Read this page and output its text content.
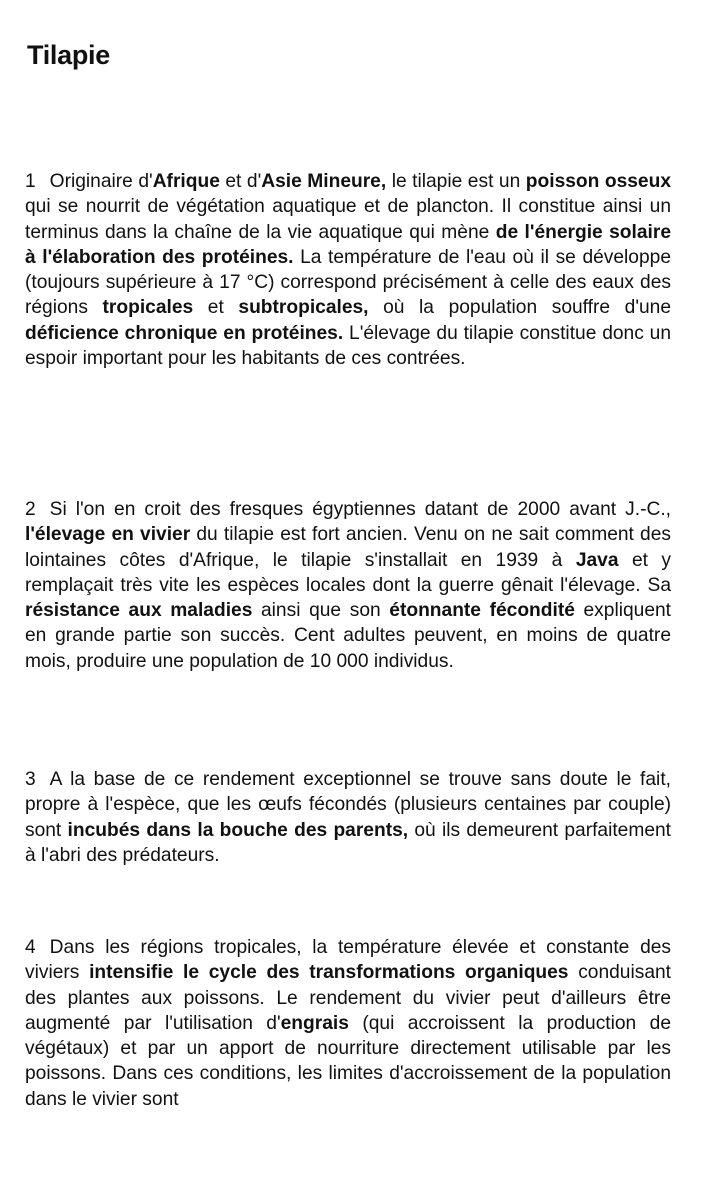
Tilapie

1 Originaire d'Afrique et d'Asie Mineure, le tilapie est un poisson osseux qui se nourrit de végétation aquatique et de plancton. Il constitue ainsi un terminus dans la chaîne de la vie aquatique qui mène de l'énergie solaire à l'élaboration des protéines. La température de l'eau où il se développe (toujours supérieure à 17 °C) correspond précisément à celle des eaux des régions tropicales et subtropicales, où la population souffre d'une déficience chronique en protéines. L'élevage du tilapie constitue donc un espoir important pour les habitants de ces contrées.

2 Si l'on en croit des fresques égyptiennes datant de 2000 avant J.-C., l'élevage en vivier du tilapie est fort ancien. Venu on ne sait comment des lointaines côtes d'Afrique, le tilapie s'installait en 1939 à Java et y remplaçait très vite les espèces locales dont la guerre gênait l'élevage. Sa résistance aux maladies ainsi que son étonnante fécondité expliquent en grande partie son succès. Cent adultes peuvent, en moins de quatre mois, produire une population de 10 000 individus.

3 A la base de ce rendement exceptionnel se trouve sans doute le fait, propre à l'espèce, que les œufs fécondés (plusieurs centaines par couple) sont incubés dans la bouche des parents, où ils demeurent parfaitement à l'abri des prédateurs.

4 Dans les régions tropicales, la température élevée et constante des viviers intensifie le cycle des transformations organiques conduisant des plantes aux poissons. Le rendement du vivier peut d'ailleurs être augmenté par l'utilisation d'engrais (qui accroissent la production de végétaux) et par un apport de nourriture directement utilisable par les poissons. Dans ces conditions, les limites d'accroissement de la population dans le vivier sont
